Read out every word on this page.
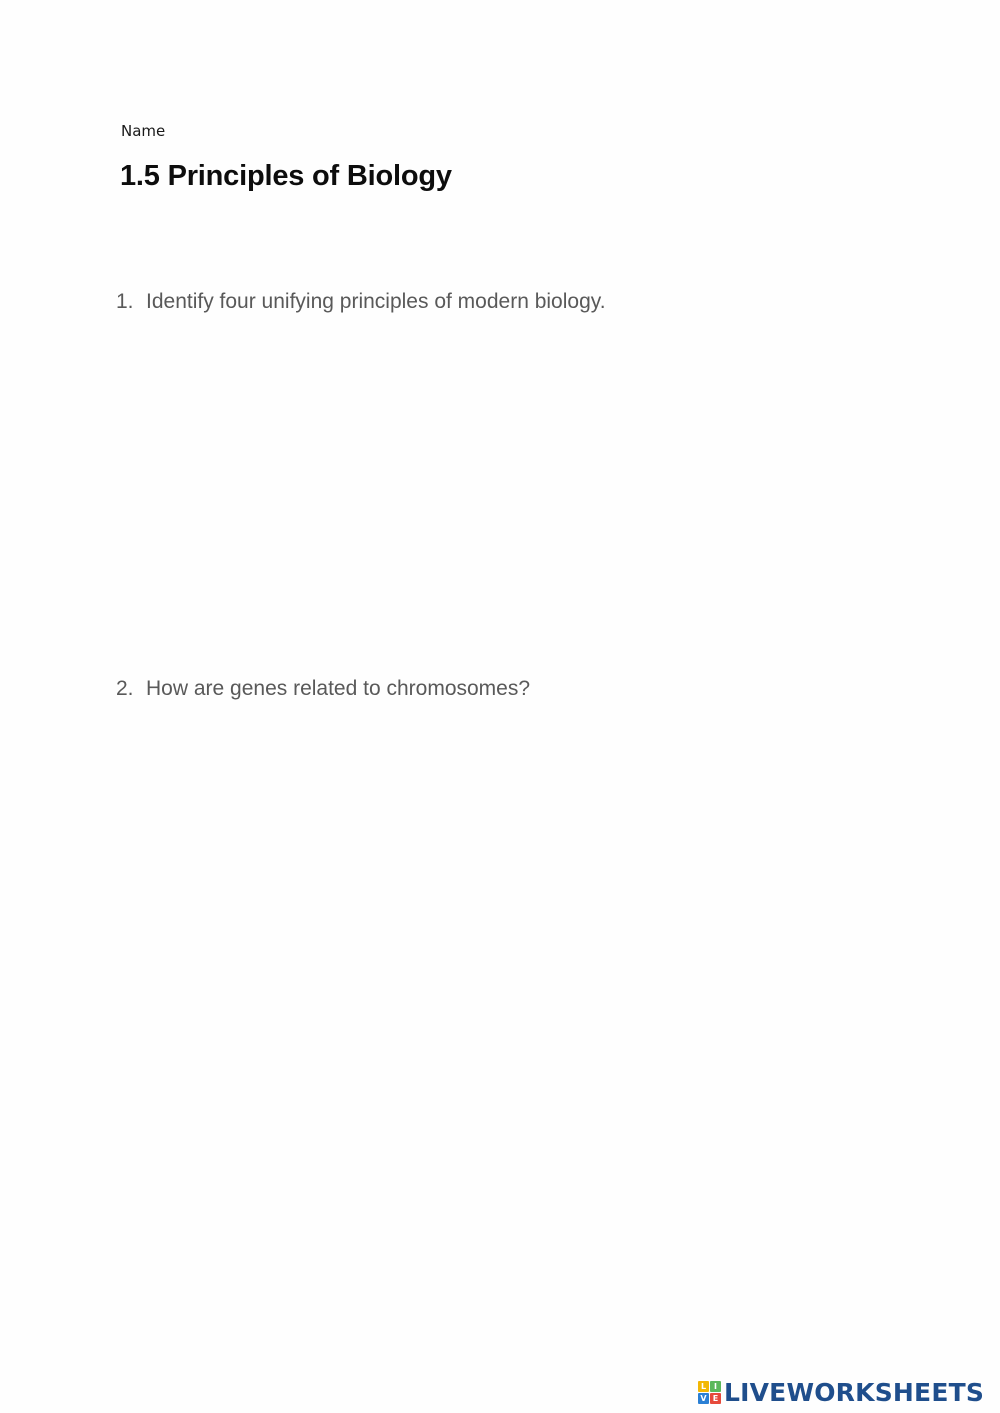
Name
1.5 Principles of Biology
1. Identify four unifying principles of modern biology.
2. How are genes related to chromosomes?
L I
V E LIVEWORKSHEETS
